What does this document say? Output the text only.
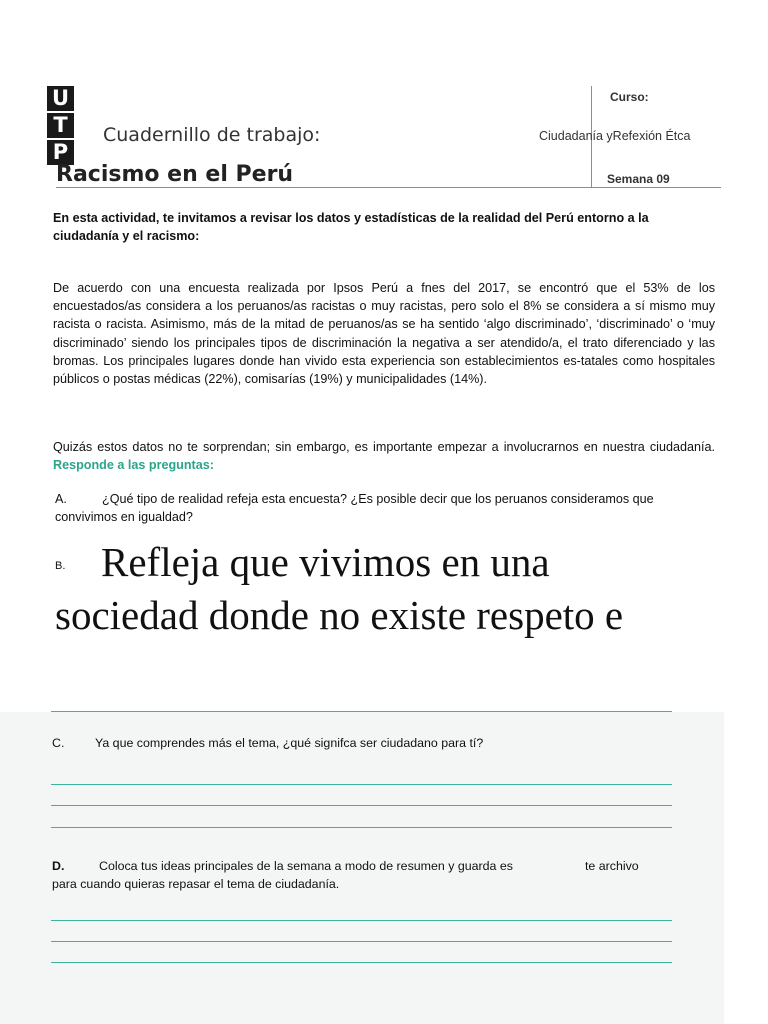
U
T
P
Cuadernillo de trabajo:
Racismo en el Perú
Curso:
Ciudadanía yRefexión Étca
Semana 09

En esta actividad, te invitamos a revisar los datos y estadísticas de la realidad del Perú entorno a la ciudadanía y el racismo:

De acuerdo con una encuesta realizada por Ipsos Perú a fnes del 2017, se encontró que el 53% de los encuestados/as considera a los peruanos/as racistas o muy racistas, pero solo el 8% se considera a sí mismo muy racista o racista. Asimismo, más de la mitad de peruanos/as se ha sentido ‘algo discriminado’, ‘discriminado’ o ‘muy discriminado’ siendo los principales tipos de discriminación la negativa a ser atendido/a, el trato diferenciado y las bromas. Los principales lugares donde han vivido esta experiencia son establecimientos es-tatales como hospitales públicos o postas médicas (22%), comisarías (19%) y municipalidades (14%).

Quizás estos datos no te sorprendan; sin embargo, es importante empezar a involucrarnos en nuestra ciudadanía. Responde a las preguntas:

A.	¿Qué tipo de realidad refeja esta encuesta? ¿Es posible decir que los peruanos consideramos que convivimos en igualdad?
B. Refleja que vivimos en una
sociedad donde no existe respeto e
C. Ya que comprendes más el tema, ¿qué signifca ser ciudadano para tí?
D.	Coloca tus ideas principales de la semana a modo de resumen y guarda es	te archivo
para cuando quieras repasar el tema de ciudadanía.
